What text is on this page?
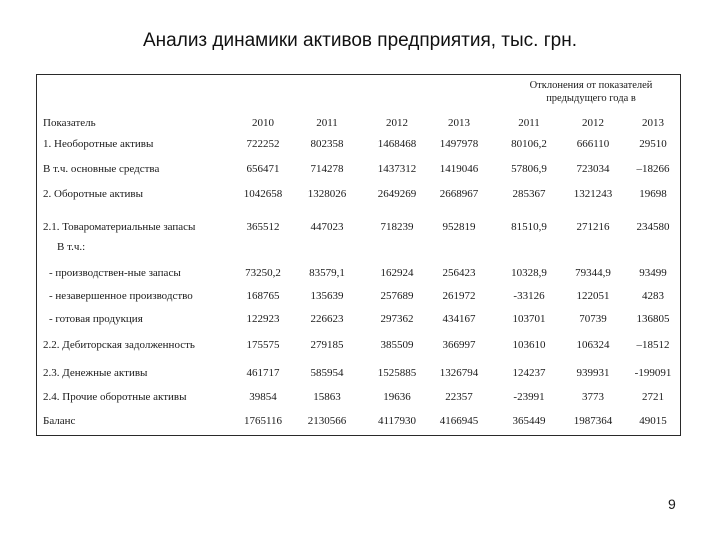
Анализ динамики активов предприятия, тыс. грн.
Отклонения от показателей предыдущего года в
Показатель	2010	2011	2012	2013	2011	2012	2013
В т.ч.:
1. Необоротные активы	722252	802358	1468468	1497978	80106,2	666110	29510
В т.ч. основные средства	656471	714278	1437312	1419046	57806,9	723034	–18266
2. Оборотные активы	1042658	1328026	2649269	2668967	285367	1321243	19698
2.1. Товароматериальные запасы	365512	447023	718239	952819	81510,9	271216	234580
- производствен-ные запасы	73250,2	83579,1	162924	256423	10328,9	79344,9	93499
- незавершенное производство	168765	135639	257689	261972	-33126	122051	4283
- готовая продукция	122923	226623	297362	434167	103701	70739	136805
2.2. Дебиторская задолженность	175575	279185	385509	366997	103610	106324	–18512
2.3. Денежные активы	461717	585954	1525885	1326794	124237	939931	-199091
2.4. Прочие оборотные активы	39854	15863	19636	22357	-23991	3773	2721
Баланс	1765116	2130566	4117930	4166945	365449	1987364	49015
9
